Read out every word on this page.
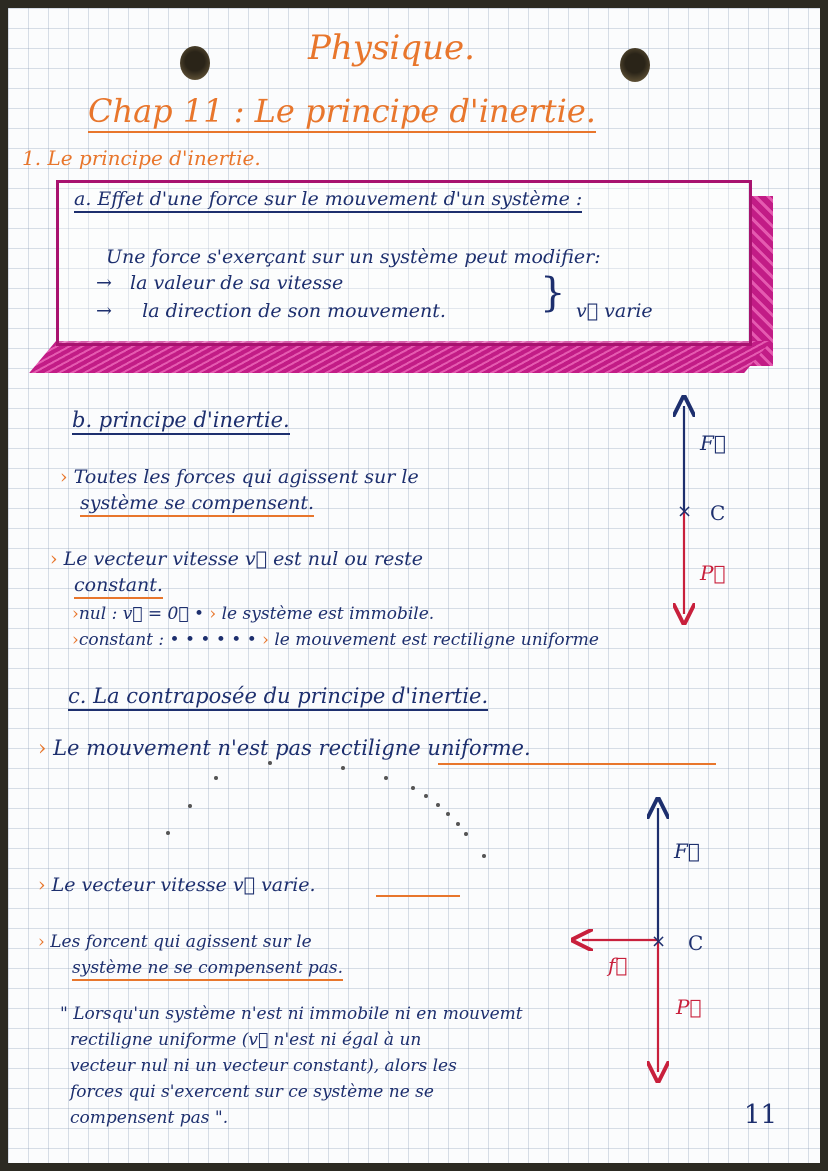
Physique.
Chap 11 : Le principe d'inertie.
1. Le principe d'inertie.
a. Effet d'une force sur le mouvement d'un système :
Une force s'exerçant sur un système peut modifier:
→   la valeur de sa vitesse
→     la direction de son mouvement. } v⃗ varie
b. principe d'inertie.
› Toutes les forces qui agissent sur le
système se compensent.
› Le vecteur vitesse v⃗ est nul ou reste
constant.
›nul : v⃗ = 0⃗ • › le système est immobile.
›constant : • • • • • • › le mouvement est rectiligne uniforme
c. La contraposée du principe d'inertie.
› Le mouvement n'est pas rectiligne uniforme.
› Le vecteur vitesse v⃗ varie.
› Les forcent qui agissent sur le
système ne se compensent pas.
" Lorsqu'un système n'est ni immobile ni en mouvemt
rectiligne uniforme (v⃗ n'est ni égal à un
vecteur nul ni un vecteur constant), alors les
forces qui s'exercent sur ce système ne se
compensent pas ".	11
×
F⃗
C
P⃗
×
F⃗
f⃗
C
P⃗
